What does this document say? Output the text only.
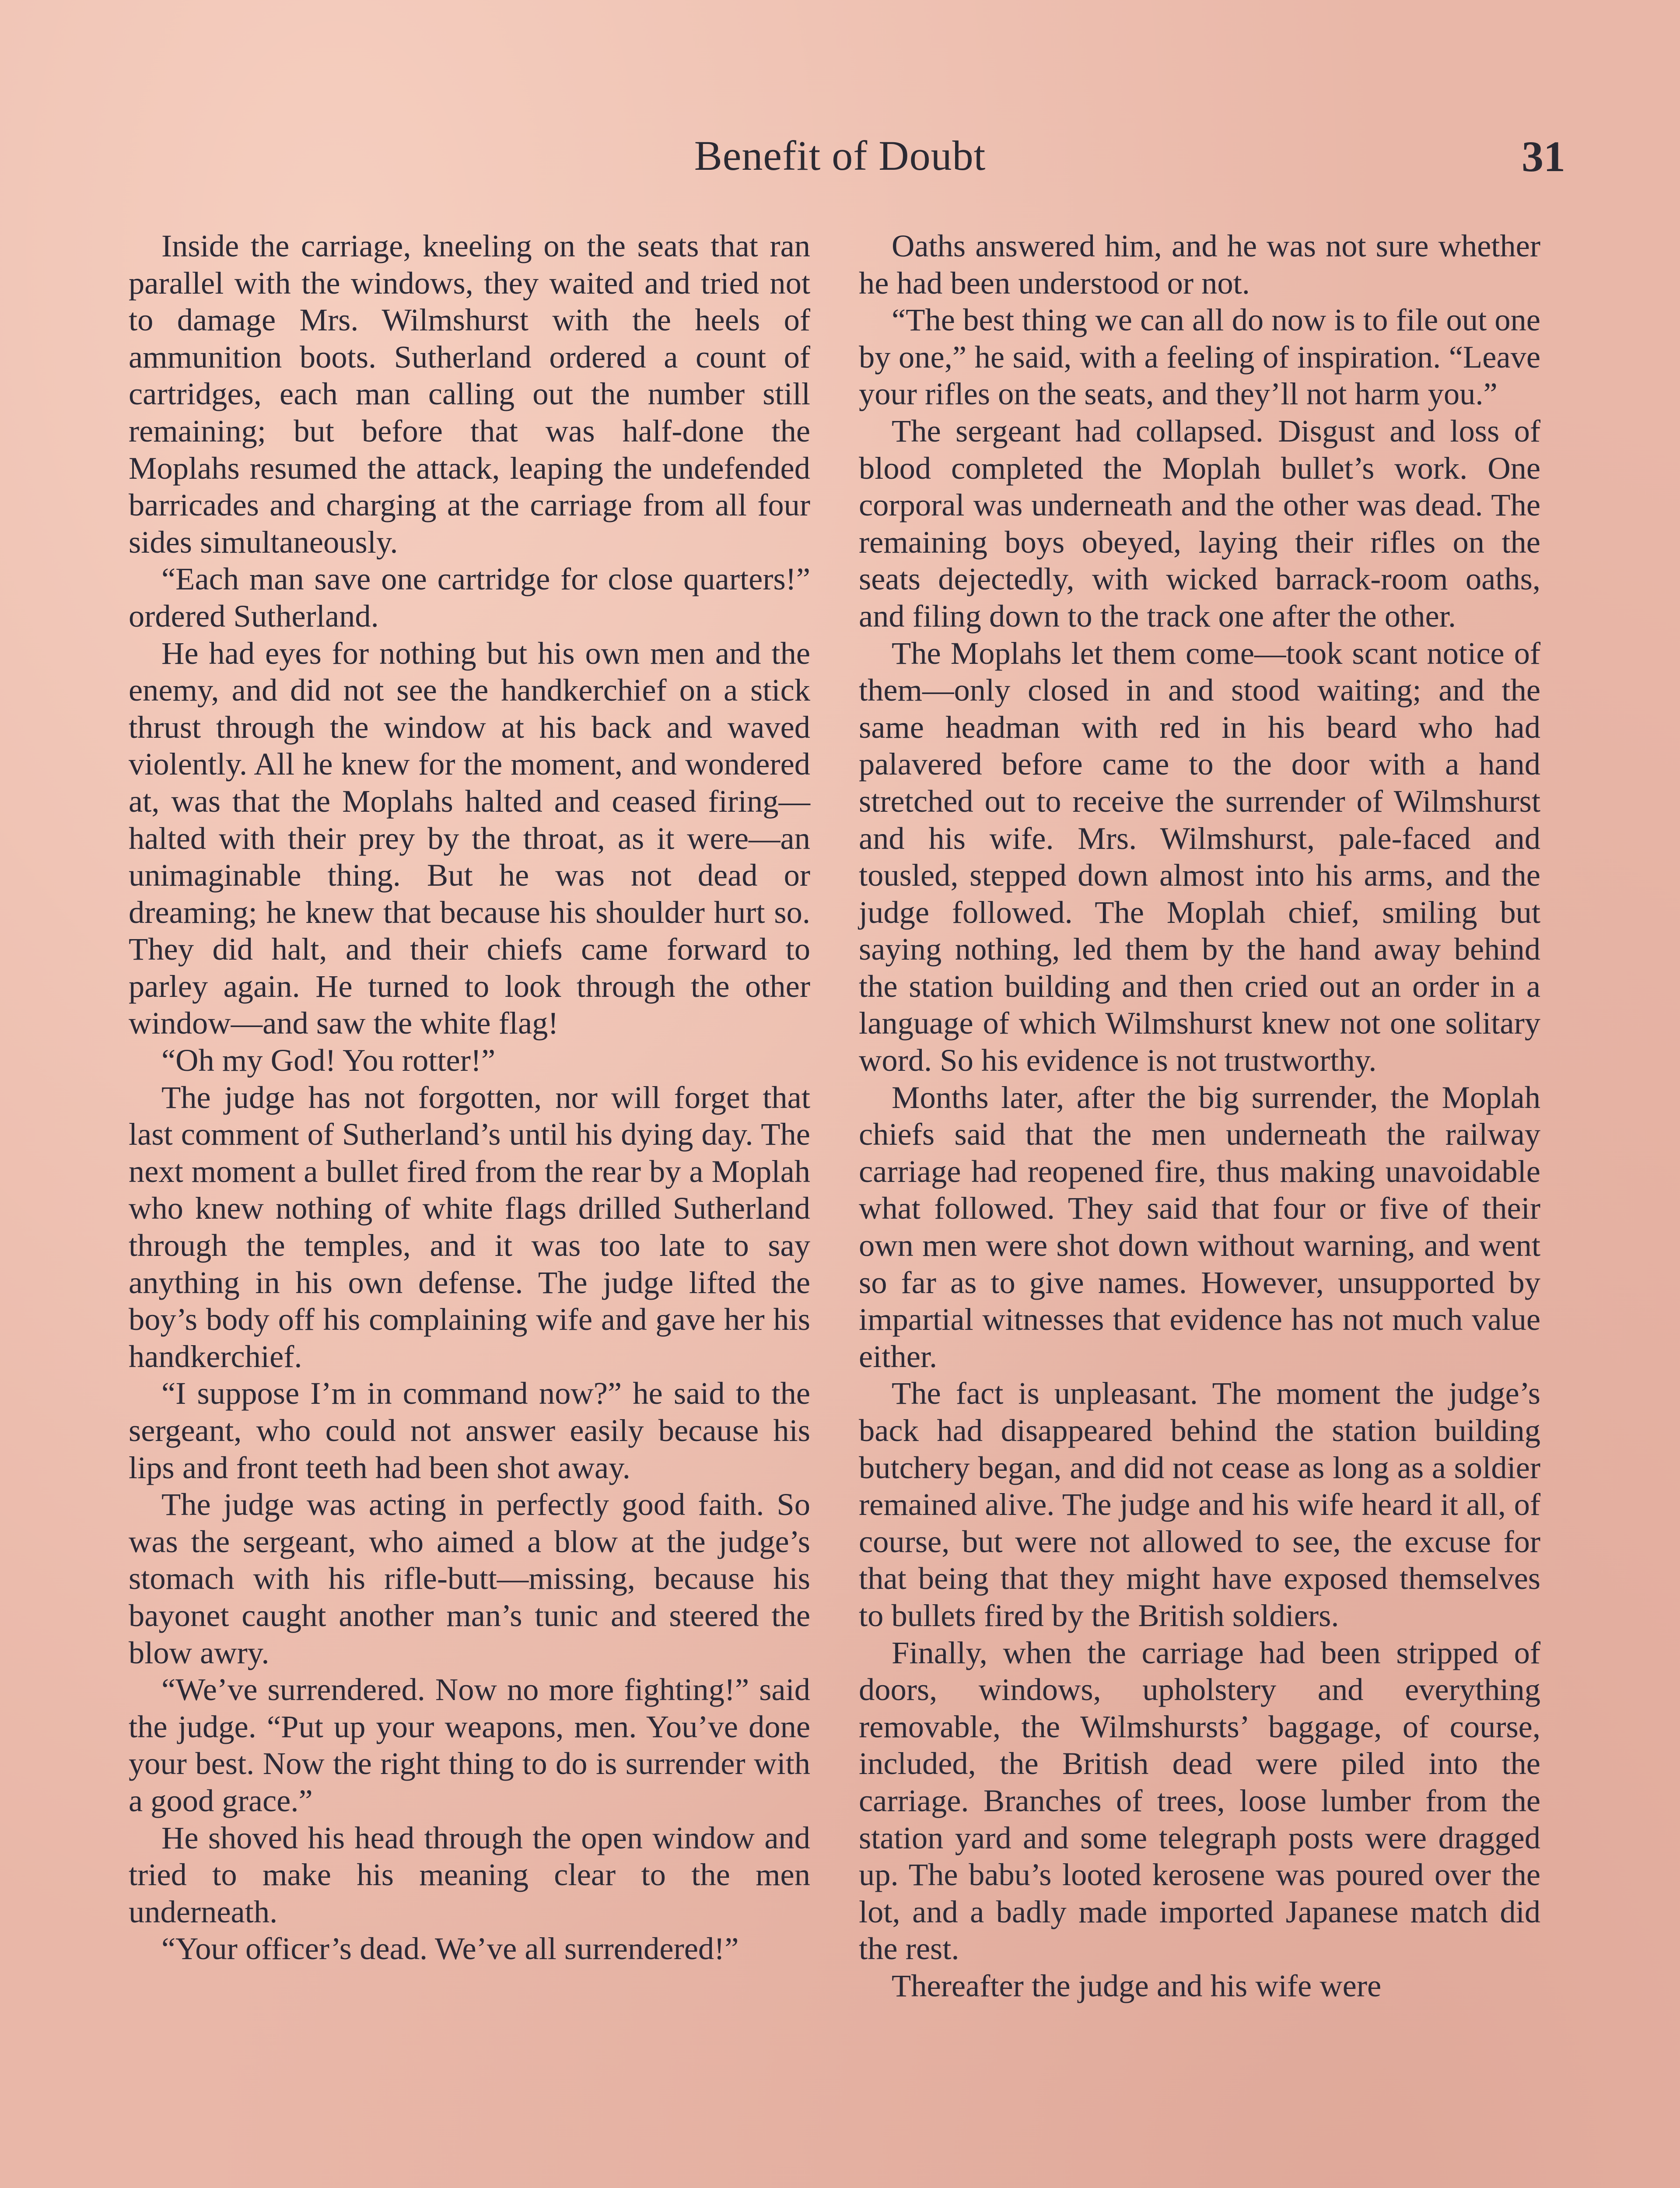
Benefit of Doubt	31

Inside the carriage, kneeling on the seats that ran parallel with the windows, they waited and tried not to damage Mrs. Wilmshurst with the heels of ammunition boots. Sutherland ordered a count of cartridges, each man calling out the number still remaining; but before that was half-done the Moplahs resumed the attack, leaping the undefended barricades and charging at the carriage from all four sides simultaneously.

“Each man save one cartridge for close quarters!” ordered Sutherland.

He had eyes for nothing but his own men and the enemy, and did not see the handkerchief on a stick thrust through the window at his back and waved violently. All he knew for the moment, and wondered at, was that the Moplahs halted and ceased firing—halted with their prey by the throat, as it were—an unimaginable thing. But he was not dead or dreaming; he knew that because his shoulder hurt so. They did halt, and their chiefs came forward to parley again. He turned to look through the other window—and saw the white flag!

“Oh my God! You rotter!”

The judge has not forgotten, nor will forget that last comment of Sutherland’s until his dying day. The next moment a bullet fired from the rear by a Moplah who knew nothing of white flags drilled Sutherland through the temples, and it was too late to say anything in his own defense. The judge lifted the boy’s body off his complaining wife and gave her his handkerchief.

“I suppose I’m in command now?” he said to the sergeant, who could not answer easily because his lips and front teeth had been shot away.

The judge was acting in perfectly good faith. So was the sergeant, who aimed a blow at the judge’s stomach with his rifle-butt—missing, because his bayonet caught another man’s tunic and steered the blow awry.

“We’ve surrendered. Now no more fighting!” said the judge. “Put up your weapons, men. You’ve done your best. Now the right thing to do is surrender with a good grace.”

He shoved his head through the open window and tried to make his meaning clear to the men underneath.

“Your officer’s dead. We’ve all surrendered!”

Oaths answered him, and he was not sure whether he had been understood or not.

“The best thing we can all do now is to file out one by one,” he said, with a feeling of inspiration. “Leave your rifles on the seats, and they’ll not harm you.”

The sergeant had collapsed. Disgust and loss of blood completed the Moplah bullet’s work. One corporal was underneath and the other was dead. The remaining boys obeyed, laying their rifles on the seats dejectedly, with wicked barrack-room oaths, and filing down to the track one after the other.

The Moplahs let them come—took scant notice of them—only closed in and stood waiting; and the same headman with red in his beard who had palavered before came to the door with a hand stretched out to receive the surrender of Wilmshurst and his wife. Mrs. Wilmshurst, pale-faced and tousled, stepped down almost into his arms, and the judge followed. The Moplah chief, smiling but saying nothing, led them by the hand away behind the station building and then cried out an order in a language of which Wilmshurst knew not one solitary word. So his evidence is not trustworthy.

Months later, after the big surrender, the Moplah chiefs said that the men underneath the railway carriage had reopened fire, thus making unavoidable what followed. They said that four or five of their own men were shot down without warning, and went so far as to give names. However, unsupported by impartial witnesses that evidence has not much value either.

The fact is unpleasant. The moment the judge’s back had disappeared behind the station building butchery began, and did not cease as long as a soldier remained alive. The judge and his wife heard it all, of course, but were not allowed to see, the excuse for that being that they might have exposed themselves to bullets fired by the British soldiers.

Finally, when the carriage had been stripped of doors, windows, upholstery and everything removable, the Wilmshursts’ baggage, of course, included, the British dead were piled into the carriage. Branches of trees, loose lumber from the station yard and some telegraph posts were dragged up. The babu’s looted kerosene was poured over the lot, and a badly made imported Japanese match did the rest.

Thereafter the judge and his wife were
